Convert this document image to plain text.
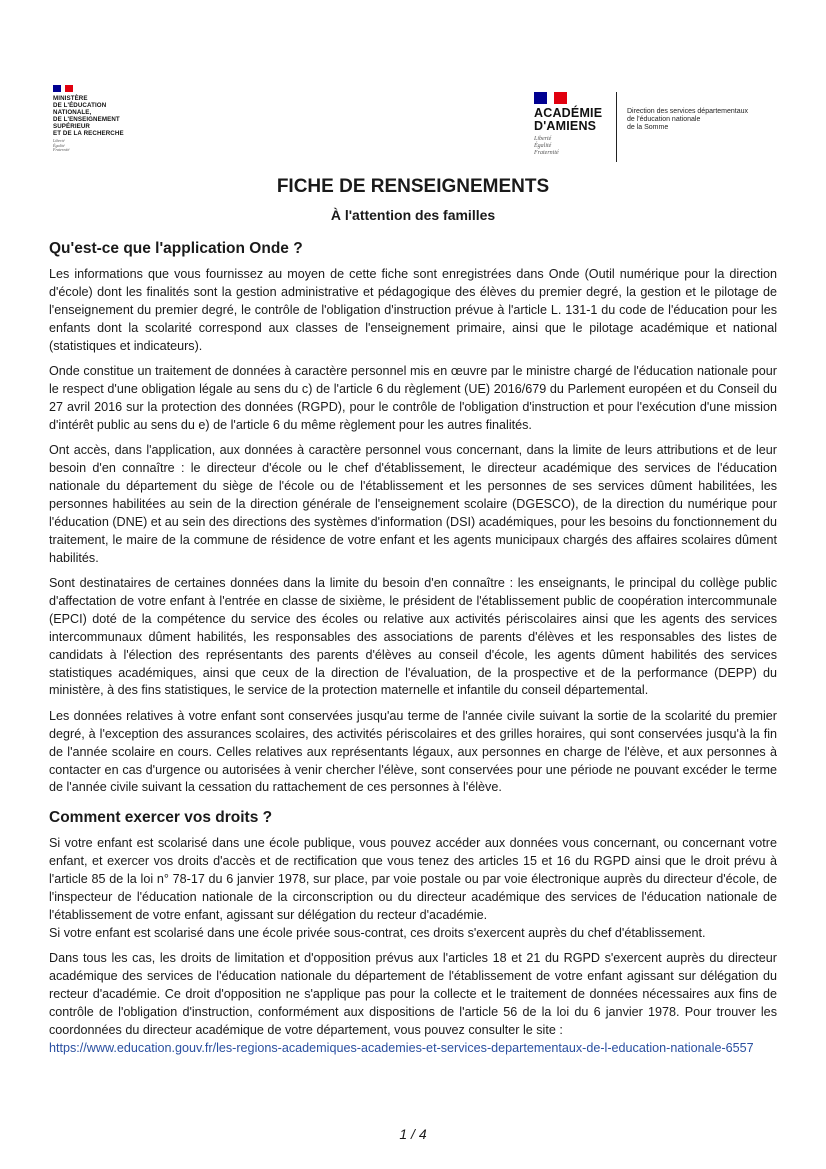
MINISTÈRE
DE L'ÉDUCATION
NATIONALE,
DE L'ENSEIGNEMENT
SUPÉRIEUR
ET DE LA RECHERCHE
Liberté
Égalité
Fraternité
ACADÉMIE
D'AMIENS
Liberté
Égalité
Fraternité
Direction des services départementaux
de l'éducation nationale
de la Somme
FICHE DE RENSEIGNEMENTS
À l'attention des familles
Qu'est-ce que l'application Onde ?

Les informations que vous fournissez au moyen de cette fiche sont enregistrées dans Onde (Outil numérique pour la direction d'école) dont les finalités sont la gestion administrative et pédagogique des élèves du premier degré, la gestion et le pilotage de l'enseignement du premier degré, le contrôle de l'obligation d'instruction prévue à l'article L. 131-1 du code de l'éducation pour les enfants dont la scolarité correspond aux classes de l'enseignement primaire, ainsi que le pilotage académique et national (statistiques et indicateurs).

Onde constitue un traitement de données à caractère personnel mis en œuvre par le ministre chargé de l'éducation nationale pour le respect d'une obligation légale au sens du c) de l'article 6 du règlement (UE) 2016/679 du Parlement européen et du Conseil du 27 avril 2016 sur la protection des données (RGPD), pour le contrôle de l'obligation d'instruction et pour l'exécution d'une mission d'intérêt public au sens du e) de l'article 6 du même règlement pour les autres finalités.

Ont accès, dans l'application, aux données à caractère personnel vous concernant, dans la limite de leurs attributions et de leur besoin d'en connaître : le directeur d'école ou le chef d'établissement, le directeur académique des services de l'éducation nationale du département du siège de l'école ou de l'établissement et les personnes de ses services dûment habilitées, les personnes habilitées au sein de la direction générale de l'enseignement scolaire (DGESCO), de la direction du numérique pour l'éducation (DNE) et au sein des directions des systèmes d'information (DSI) académiques, pour les besoins du fonctionnement du traitement, le maire de la commune de résidence de votre enfant et les agents municipaux chargés des affaires scolaires dûment habilités.

Sont destinataires de certaines données dans la limite du besoin d'en connaître : les enseignants, le principal du collège public d'affectation de votre enfant à l'entrée en classe de sixième, le président de l'établissement public de coopération intercommunale (EPCI) doté de la compétence du service des écoles ou relative aux activités périscolaires ainsi que les agents des services intercommunaux dûment habilités, les responsables des associations de parents d'élèves et les responsables des listes de candidats à l'élection des représentants des parents d'élèves au conseil d'école, les agents dûment habilités des services statistiques académiques, ainsi que ceux de la direction de l'évaluation, de la prospective et de la performance (DEPP) du ministère, à des fins statistiques, le service de la protection maternelle et infantile du conseil départemental.

Les données relatives à votre enfant sont conservées jusqu'au terme de l'année civile suivant la sortie de la scolarité du premier degré, à l'exception des assurances scolaires, des activités périscolaires et des grilles horaires, qui sont conservées jusqu'à la fin de l'année scolaire en cours. Celles relatives aux représentants légaux, aux personnes en charge de l'élève, et aux personnes à contacter en cas d'urgence ou autorisées à venir chercher l'élève, sont conservées pour une période ne pouvant excéder le terme de l'année civile suivant la cessation du rattachement de ces personnes à l'élève.

Comment exercer vos droits ?

Si votre enfant est scolarisé dans une école publique, vous pouvez accéder aux données vous concernant, ou concernant votre enfant, et exercer vos droits d'accès et de rectification que vous tenez des articles 15 et 16 du RGPD ainsi que le droit prévu à l'article 85 de la loi n° 78-17 du 6 janvier 1978, sur place, par voie postale ou par voie électronique auprès du directeur d'école, de l'inspecteur de l'éducation nationale de la circonscription ou du directeur académique des services de l'éducation nationale de l'établissement de votre enfant, agissant sur délégation du recteur d'académie.

Si votre enfant est scolarisé dans une école privée sous-contrat, ces droits s'exercent auprès du chef d'établissement.

Dans tous les cas, les droits de limitation et d'opposition prévus aux l'articles 18 et 21 du RGPD s'exercent auprès du directeur académique des services de l'éducation nationale du département de l'établissement de votre enfant agissant sur délégation du recteur d'académie. Ce droit d'opposition ne s'applique pas pour la collecte et le traitement de données nécessaires aux fins de contrôle de l'obligation d'instruction, conformément aux dispositions de l'article 56 de la loi du 6 janvier 1978. Pour trouver les coordonnées du directeur académique de votre département, vous pouvez consulter le site :

https://www.education.gouv.fr/les-regions-academiques-academies-et-services-departementaux-de-l-education-nationale-6557

1 / 4
